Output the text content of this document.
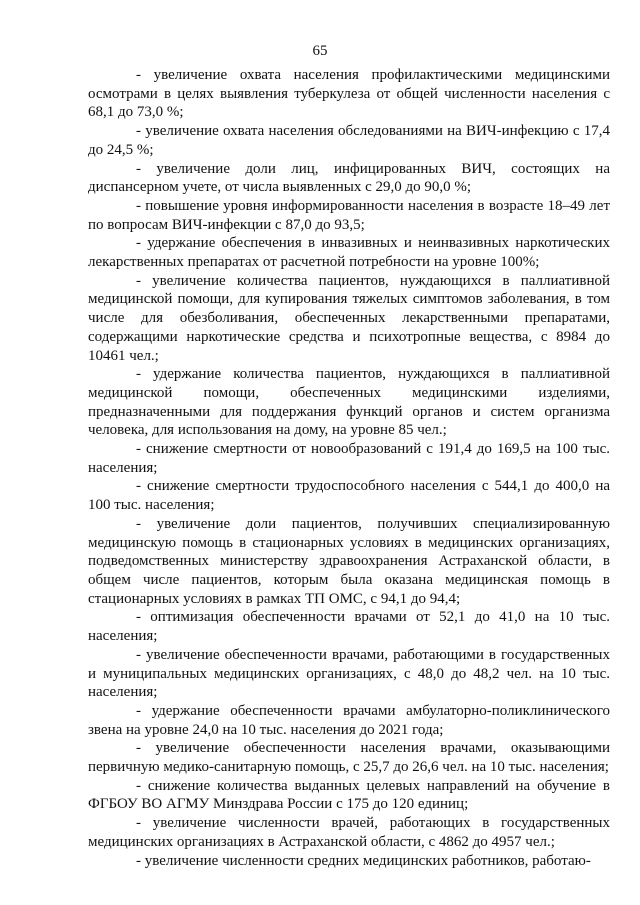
65

- увеличение охвата населения профилактическими медицинскими осмотрами в целях выявления туберкулеза от общей численности населения с 68,1 до 73,0 %;

- увеличение охвата населения обследованиями на ВИЧ-инфекцию с 17,4 до 24,5 %;

- увеличение доли лиц, инфицированных ВИЧ, состоящих на диспансерном учете, от числа выявленных с 29,0 до 90,0 %;

- повышение уровня информированности населения в возрасте 18–49 лет по вопросам ВИЧ-инфекции с 87,0 до 93,5;

- удержание обеспечения в инвазивных и неинвазивных наркотических лекарственных препаратах от расчетной потребности на уровне 100%;

- увеличение количества пациентов, нуждающихся в паллиативной медицинской помощи, для купирования тяжелых симптомов заболевания, в том числе для обезболивания, обеспеченных лекарственными препаратами, содержащими наркотические средства и психотропные вещества, с 8984 до 10461 чел.;

- удержание количества пациентов, нуждающихся в паллиативной медицинской помощи, обеспеченных медицинскими изделиями, предназначенными для поддержания функций органов и систем организма человека, для использования на дому, на уровне 85 чел.;

- снижение смертности от новообразований с 191,4 до 169,5 на 100 тыс. населения;

- снижение смертности трудоспособного населения с 544,1 до 400,0 на 100 тыс. населения;

- увеличение доли пациентов, получивших специализированную медицинскую помощь в стационарных условиях в медицинских организациях, подведомственных министерству здравоохранения Астраханской области, в общем числе пациентов, которым была оказана медицинская помощь в стационарных условиях в рамках ТП ОМС, с 94,1 до 94,4;

- оптимизация обеспеченности врачами от 52,1 до 41,0 на 10 тыс. населения;

- увеличение обеспеченности врачами, работающими в государственных и муниципальных медицинских организациях, с 48,0 до 48,2 чел. на 10 тыс. населения;

- удержание обеспеченности врачами амбулаторно-поликлинического звена на уровне 24,0 на 10 тыс. населения до 2021 года;

- увеличение обеспеченности населения врачами, оказывающими первичную медико-санитарную помощь, с 25,7 до 26,6 чел. на 10 тыс. населения;

- снижение количества выданных целевых направлений на обучение в ФГБОУ ВО АГМУ Минздрава России с 175 до 120 единиц;

- увеличение численности врачей, работающих в государственных медицинских организациях в Астраханской области, с 4862 до 4957 чел.;

- увеличение численности средних медицинских работников, работаю-
